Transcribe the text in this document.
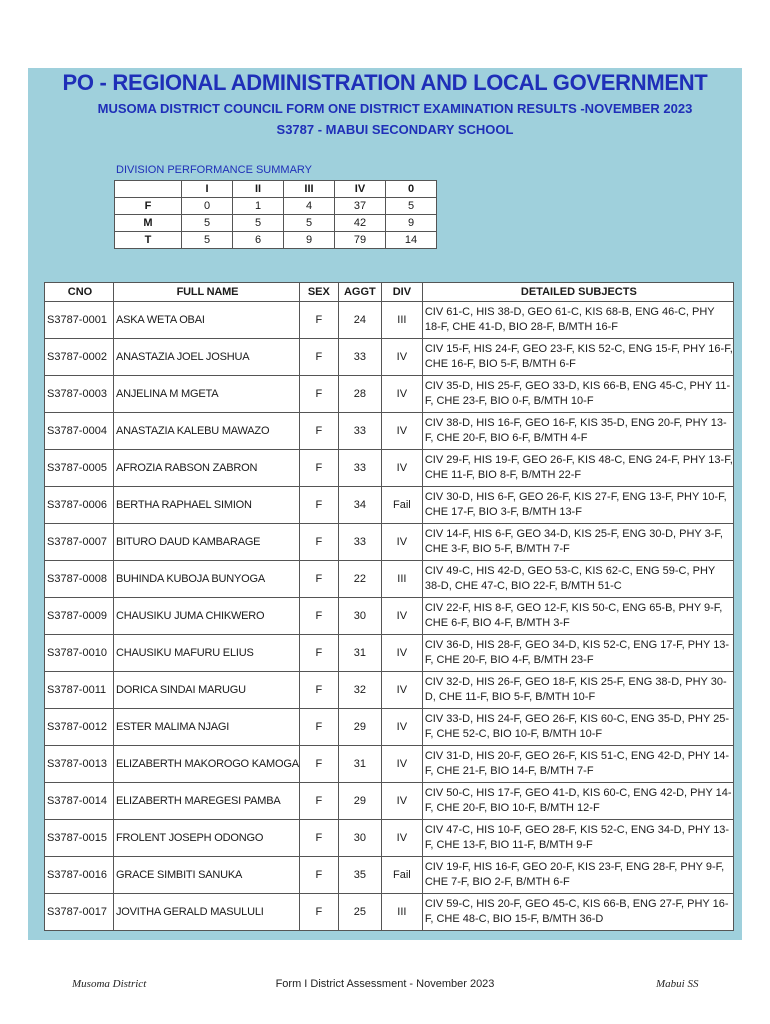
PO - REGIONAL ADMINISTRATION AND LOCAL GOVERNMENT
MUSOMA DISTRICT COUNCIL FORM ONE DISTRICT EXAMINATION RESULTS -NOVEMBER 2023
S3787 - MABUI SECONDARY SCHOOL
DIVISION PERFORMANCE SUMMARY
	I	II	III	IV	0
F	0	1	4	37	5
M	5	5	5	42	9
T	5	6	9	79	14
CNO	FULL NAME	SEX	AGGT	DIV	DETAILED SUBJECTS
S3787-0001	ASKA WETA OBAI	F	24	III	CIV 61-C, HIS 38-D, GEO 61-C, KIS 68-B, ENG 46-C, PHY 18-F, CHE 41-D, BIO 28-F, B/MTH 16-F
S3787-0002	ANASTAZIA JOEL JOSHUA	F	33	IV	CIV 15-F, HIS 24-F, GEO 23-F, KIS 52-C, ENG 15-F, PHY 16-F, CHE 16-F, BIO 5-F, B/MTH 6-F
S3787-0003	ANJELINA M MGETA	F	28	IV	CIV 35-D, HIS 25-F, GEO 33-D, KIS 66-B, ENG 45-C, PHY 11-F, CHE 23-F, BIO 0-F, B/MTH 10-F
S3787-0004	ANASTAZIA KALEBU MAWAZO	F	33	IV	CIV 38-D, HIS 16-F, GEO 16-F, KIS 35-D, ENG 20-F, PHY 13-F, CHE 20-F, BIO 6-F, B/MTH 4-F
S3787-0005	AFROZIA RABSON ZABRON	F	33	IV	CIV 29-F, HIS 19-F, GEO 26-F, KIS 48-C, ENG 24-F, PHY 13-F, CHE 11-F, BIO 8-F, B/MTH 22-F
S3787-0006	BERTHA RAPHAEL SIMION	F	34	Fail	CIV 30-D, HIS 6-F, GEO 26-F, KIS 27-F, ENG 13-F, PHY 10-F, CHE 17-F, BIO 3-F, B/MTH 13-F
S3787-0007	BITURO DAUD KAMBARAGE	F	33	IV	CIV 14-F, HIS 6-F, GEO 34-D, KIS 25-F, ENG 30-D, PHY 3-F, CHE 3-F, BIO 5-F, B/MTH 7-F
S3787-0008	BUHINDA KUBOJA BUNYOGA	F	22	III	CIV 49-C, HIS 42-D, GEO 53-C, KIS 62-C, ENG 59-C, PHY 38-D, CHE 47-C, BIO 22-F, B/MTH 51-C
S3787-0009	CHAUSIKU JUMA CHIKWERO	F	30	IV	CIV 22-F, HIS 8-F, GEO 12-F, KIS 50-C, ENG 65-B, PHY 9-F, CHE 6-F, BIO 4-F, B/MTH 3-F
S3787-0010	CHAUSIKU MAFURU ELIUS	F	31	IV	CIV 36-D, HIS 28-F, GEO 34-D, KIS 52-C, ENG 17-F, PHY 13-F, CHE 20-F, BIO 4-F, B/MTH 23-F
S3787-0011	DORICA SINDAI MARUGU	F	32	IV	CIV 32-D, HIS 26-F, GEO 18-F, KIS 25-F, ENG 38-D, PHY 30-D, CHE 11-F, BIO 5-F, B/MTH 10-F
S3787-0012	ESTER MALIMA NJAGI	F	29	IV	CIV 33-D, HIS 24-F, GEO 26-F, KIS 60-C, ENG 35-D, PHY 25-F, CHE 52-C, BIO 10-F, B/MTH 10-F
S3787-0013	ELIZABERTH MAKOROGO KAMOGA	F	31	IV	CIV 31-D, HIS 20-F, GEO 26-F, KIS 51-C, ENG 42-D, PHY 14-F, CHE 21-F, BIO 14-F, B/MTH 7-F
S3787-0014	ELIZABERTH MAREGESI PAMBA	F	29	IV	CIV 50-C, HIS 17-F, GEO 41-D, KIS 60-C, ENG 42-D, PHY 14-F, CHE 20-F, BIO 10-F, B/MTH 12-F
S3787-0015	FROLENT JOSEPH ODONGO	F	30	IV	CIV 47-C, HIS 10-F, GEO 28-F, KIS 52-C, ENG 34-D, PHY 13-F, CHE 13-F, BIO 11-F, B/MTH 9-F
S3787-0016	GRACE SIMBITI SANUKA	F	35	Fail	CIV 19-F, HIS 16-F, GEO 20-F, KIS 23-F, ENG 28-F, PHY 9-F, CHE 7-F, BIO 2-F, B/MTH 6-F
S3787-0017	JOVITHA GERALD MASULULI	F	25	III	CIV 59-C, HIS 20-F, GEO 45-C, KIS 66-B, ENG 27-F, PHY 16-F, CHE 48-C, BIO 15-F, B/MTH 36-D
Musoma District	Form I District Assessment - November 2023	Mabui SS
